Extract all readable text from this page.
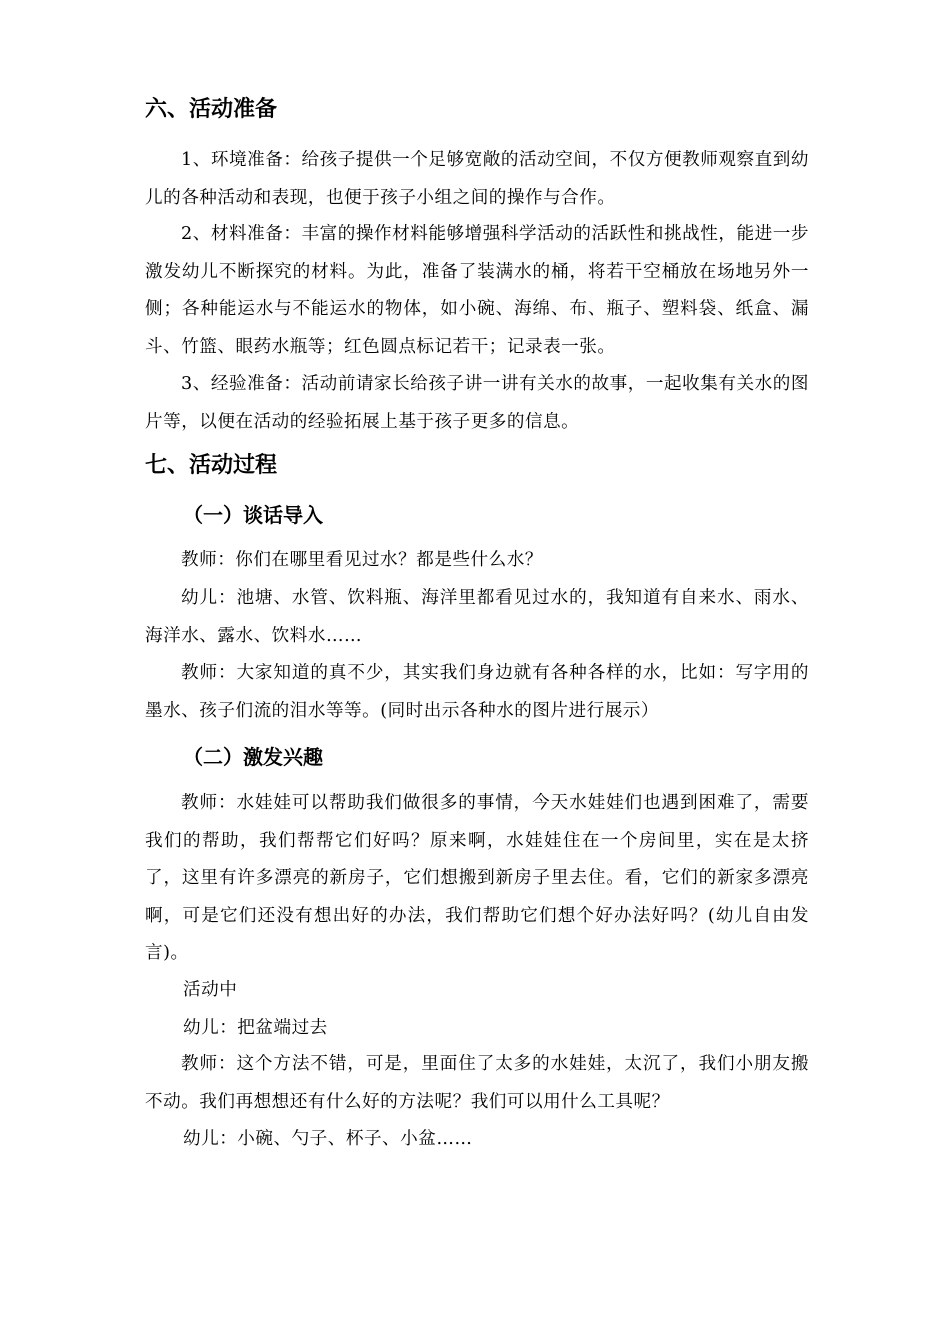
六、活动准备

1、环境准备：给孩子提供一个足够宽敞的活动空间，不仅方便教师观察直到幼儿的各种活动和表现，也便于孩子小组之间的操作与合作。

2、材料准备：丰富的操作材料能够增强科学活动的活跃性和挑战性，能进一步激发幼儿不断探究的材料。为此，准备了装满水的桶，将若干空桶放在场地另外一侧；各种能运水与不能运水的物体，如小碗、海绵、布、瓶子、塑料袋、纸盒、漏斗、竹篮、眼药水瓶等；红色圆点标记若干；记录表一张。

3、经验准备：活动前请家长给孩子讲一讲有关水的故事，一起收集有关水的图片等，以便在活动的经验拓展上基于孩子更多的信息。

七、活动过程
（一）谈话导入

教师：你们在哪里看见过水？都是些什么水？

幼儿：池塘、水管、饮料瓶、海洋里都看见过水的，我知道有自来水、雨水、海洋水、露水、饮料水……

教师：大家知道的真不少，其实我们身边就有各种各样的水，比如：写字用的墨水、孩子们流的泪水等等。(同时出示各种水的图片进行展示）

（二）激发兴趣

教师：水娃娃可以帮助我们做很多的事情，今天水娃娃们也遇到困难了，需要我们的帮助，我们帮帮它们好吗？原来啊，水娃娃住在一个房间里，实在是太挤了，这里有许多漂亮的新房子，它们想搬到新房子里去住。看，它们的新家多漂亮啊，可是它们还没有想出好的办法，我们帮助它们想个好办法好吗？(幼儿自由发言)。

活动中
幼儿：把盆端过去

教师：这个方法不错，可是，里面住了太多的水娃娃，太沉了，我们小朋友搬不动。我们再想想还有什么好的方法呢？我们可以用什么工具呢？

幼儿：小碗、勺子、杯子、小盆……
